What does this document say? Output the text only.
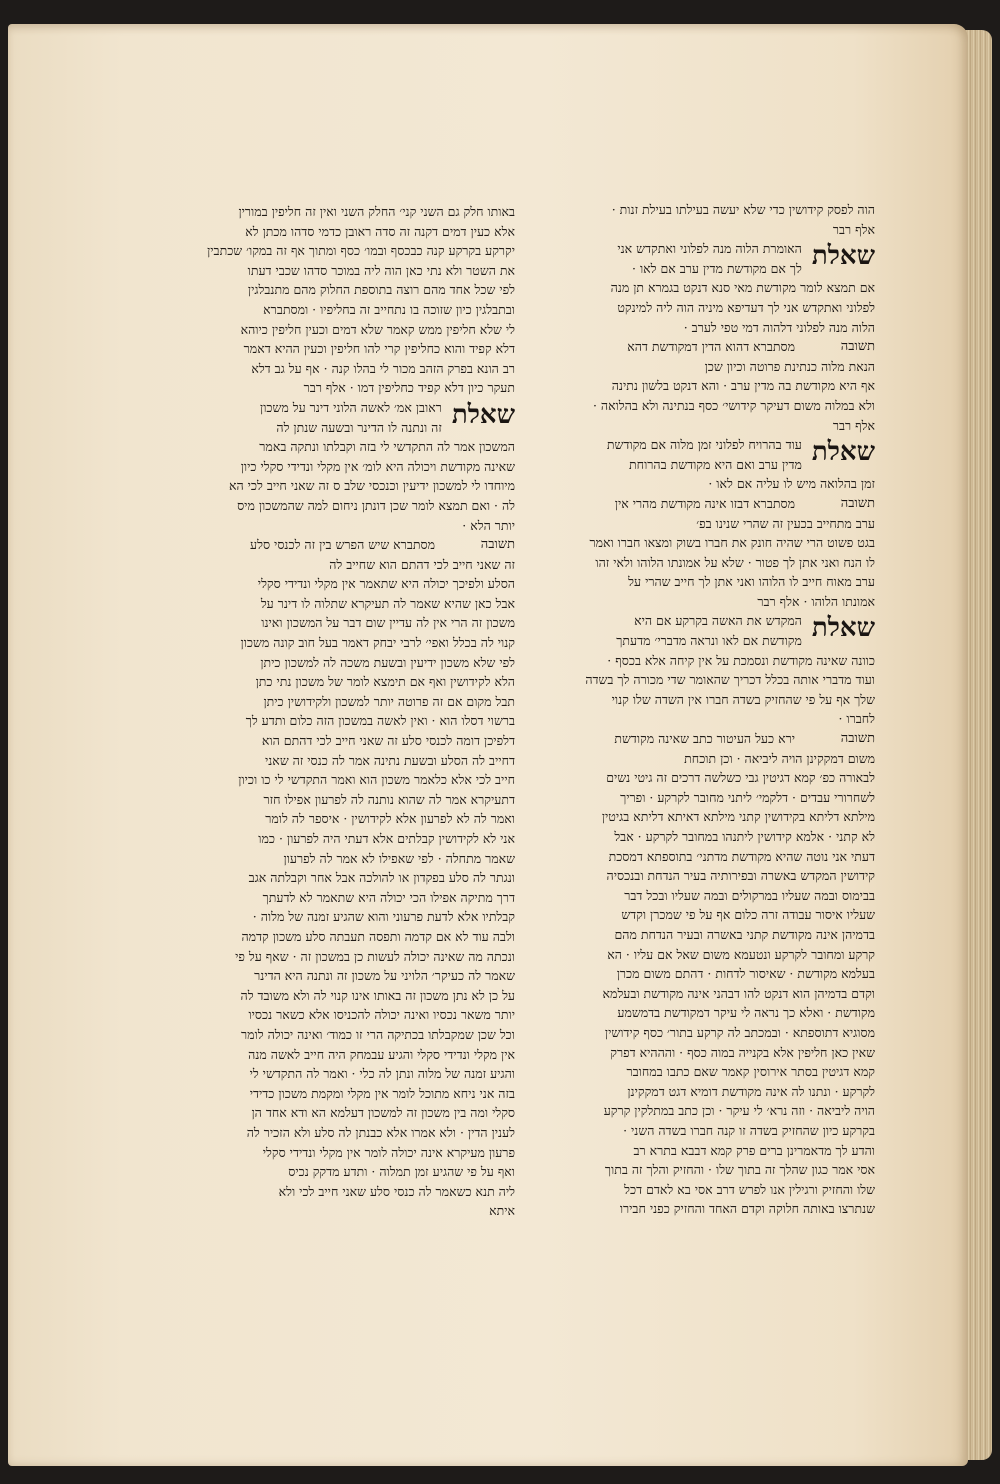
הוה לפסק קידושין כדי שלא יעשה בעילתו בעילת זנות ·
אלף רבר
שאלת
האומרת הלוה מנה לפלוני ואתקדש אני
לך אם מקודשת מדין ערב אם לאו ·
אם תמצא לומר מקודשת מאי סנא דנקט בגמרא תן מנה
לפלוני ואתקדש אני לך דעדיפא מיניה הוה ליה למינקט
הלוה מנה לפלוני דלהוה דמי טפי לערב ·
תשובה
מסתברא דהוא הדין דמקודשת דהא
הנאת מלוה כנתינת פרוטה וכיון שכן
אף היא מקודשת בה מדין ערב · והא דנקט בלשון נתינה
ולא במלוה משום דעיקר קידושי׳ כסף בנתינה ולא בהלואה ·
אלף רבר
שאלת
עוד בהרויח לפלוני זמן מלוה אם מקודשת
מדין ערב ואם היא מקודשת בהרוחת
זמן בהלואה מיש לו עליה אם לאו ·
תשובה
מסתברא דבזו אינה מקודשת מהרי אין
ערב מתחייב בכעין זה שהרי שנינו בפ׳
בגט פשוט הרי שהיה חונק את חברו בשוק ומצאו חברו ואמר
לו הנח ואני אתן לך פטור · שלא על אמונתו הלוהו ולאי זהו
ערב מאוח חייב לו הלוהו ואני אתן לך חייב שהרי על
אמונתו הלוהו · אלף רבר
שאלת
המקדש את האשה בקרקע אם היא
מקודשת אם לאו ונראה מדברי׳ מדעתך
כוונה שאינה מקודשת ונסמכת על אין קיחה אלא בכסף ·
ועוד מדברי אותה בכלל דכריך שהאומר שדי מכורה לך בשדה
שלך אף על פי שהחזיק בשדה חברו אין השדה שלו קנוי
לחברו ·
תשובה
ירא כעל העיטור כתב שאינה מקודשת
משום דמקקינן הויה ליביאה · וכן תוכחת
לבאורה כפ׳ קמא דגיטין גבי כשלשה דרכים זה גיטי נשים
לשחרורי עבדים · דלקמי׳ ליתני מחובר לקרקע · ופריך
מילתא דליתא בקידושין קתני מילתא דאיתא דליתא בגיטין
לא קתני · אלמא קידושין ליתנהו במחובר לקרקע · אבל
דעתי אני נוטה שהיא מקודשת מדתני׳ בתוספתא דמסכת
קידושין המקדש באשרה ובפירותיה בעיר הנדחת ובנכסיה
בבימוס ובמה שעליו במרקולים ובמה שעליו ובכל דבר
שעליו איסור עבודה זרה כלום אף על פי שמכרן וקדש
בדמיהן אינה מקודשת קתני באשרה ובעיר הנדחת מהם
קרקע ומחובר לקרקע ונטעמא משום שאל אם עליו · הא
בעלמא מקודשת · שאיסור לדחות · דהתם משום מכרן
וקדם בדמיהן הוא דנקט להו דבהני אינה מקודשת ובעלמא
מקודשת · ואלא כך נראה לי עיקר דמקודשת בדמשמע
מסוגיא דתוספתא · ובמכתב לה קרקע בתור׳ כסף קידושין
שאין כאן חליפין אלא בקנייה במוה כסף · והההיא דפרק
קמא דגיטין בסתר אירוסין קאמר שאם כתבו במחובר
לקרקע · ונתנו לה אינה מקודשת דומיא דגט דמקקינן
הויה ליביאה · וזה נרא׳ לי עיקר · וכן כתב במתלקין קרקע
בקרקע כיון שהחזיק בשדה זו קנה חברו בשדה השני ·
והדע לך מדאמרינן ברים פרק קמא דבבא בתרא רב
אסי אמר כגון שהלך זה בתוך שלו · והחזיק והלך זה בתוך
שלו והחזיק ורגילין אנו לפרש דרב אסי בא לאדם דכל
שנתרצו באותה חלוקה וקדם האחד והחזיק כפני חבירו
באותו חלק גם השני קני׳ החלק השני ואין זה חליפין במורין
אלא כעין דמים דקנה זה סדה ראובן כדמי סדהו מכתן לא
יקרקע בקרקע קנה כבכסף ובמו׳ כסף ומתוך אף זה במקו׳ שכתבין
את השטר ולא נתי כאן הוה ליה במוכר סדהו שכבי דעתו
לפי שכל אחד מהם רוצה בתוספת החלוק מהם מתנבלגין
ובתבלגין כיון שזוכה בו נתחייב זה בחליפיו · ומסתברא
לי שלא חליפין ממש קאמר שלא דמים וכעין חליפין כיוהא
דלא קפיד והוא כחליפין קרי להו חליפין וכעין ההיא דאמר
רב הונא בפרק הזהב מכור לי בהלו קנה · אף על גב דלא
תעקר כיון דלא קפיד כחליפין דמו · אלף רבר
שאלת
ראובן אמ׳ לאשה הלוני דינר על משכון
זה ונתנה לו הדינר ובשעה שנתן לה
המשכון אמר לה התקדשי לי בזה וקבלתו ונתקה באמר
שאינה מקודשת ויכולה היא לומ׳ אין מקלי ונדידי סקלי כיון
מיוחדו לי למשכון ידיעין וכנכסי שלב ס זה שאני חייב לכי הא
לה · ואם תמצא לומר שכן דונתן ניחום למה שהמשכון מיס
יותר הלא ·
תשובה
מסתברא שיש הפרש בין זה לכנסי סלע
זה שאני חייב לכי דהתם הוא שחייב לה
הסלע ולפיכך יכולה היא שתאמר אין מקלי ונדידי סקלי
אבל כאן שהיא שאמר לה תעיקרא שתלוה לו דינר על
משכון זה הרי אין לה עדיין שום דבר על המשכון ואינו
קנוי לה בכלל ואפי׳ לרבי יבחק דאמר בעל חוב קונה משכון
לפי שלא משכון ידיעין ובשעת משכה לה למשכון כיתן
הלא לקידושין ואף אם תימצא לומר של משכון נתי כתן
תבל מקום אם זה פרוטה יותר למשכון ולקידושין כיתן
ברשוי דסלו הוא · ואין לאשה במשכון הזה כלום ותדע לך
דלפיכן דומה לכנסי סלע זה שאני חייב לכי דהתם הוא
דחייב לה הסלע ובשעת נתינה אמר לה כנסי זה שאני
חייב לכי אלא כלאמר משכון הוא ואמר התקדשי לי כו וכיון
דתעיקרא אמר לה שהוא נותנה לה לפרעון אפילו חזר
ואמר לה לא לפרעון אלא לקידושין · איספר לה לומר
אני לא לקידושין קבלתים אלא דעתי היה לפרעון · כמו
שאמר מתחלה · לפי שאפילו לא אמר לה לפרעון
ונגתר לה סלע בפקדון או להולכה אבל אחר וקבלתה אגב
דרך מתיקה אפילו הכי יכולה היא שתאמר לא לדעתך
קבלתיו אלא לדעת פרעוני והוא שהגיע זמנה של מלוה ·
ולבה עוד לא אם קדמה ותפסה תעבתה סלע משכון קדמה
ונכתה מה שאינה יכולה לעשות כן במשכון זה · שאף על פי
שאמר לה כעיקר׳ הלויני על משכון זה ונתנה היא הדינר
על כן לא נתן משכון זה באותו אינו קנוי לה ולא משובד לה
יותר משאר נכסיו ואינה יכולה להכניסו אלא כשאר נכסיו
וכל שכן שמקבלתו בכתיקה הרי זו כמוד׳ ואינה יכולה לומר
אין מקלי ונדידי סקלי והגיע עבמחק היה חייב לאשה מנה
והגיע זמנה של מלוה ונתן לה כלי · ואמר לה התקדשי לי
בזה אני ניחא מתוכל לומר אין מקלי ומקמת משכון כדידי
סקלי ומה בין משכון זה למשכון דעלמא הא ודא אחד הן
לענין הדין · ולא אמרו אלא כבנתן לה סלע ולא הזכיר לה
פרעון מעיקרא אינה יכולה לומר אין מקלי ונדידי סקלי
ואף על פי שהגיע זמן תמלוה · ותדע מדקק נכיס
ליה תנא כשאמר לה כנסי סלע שאני חייב לכי ולא
איתא
